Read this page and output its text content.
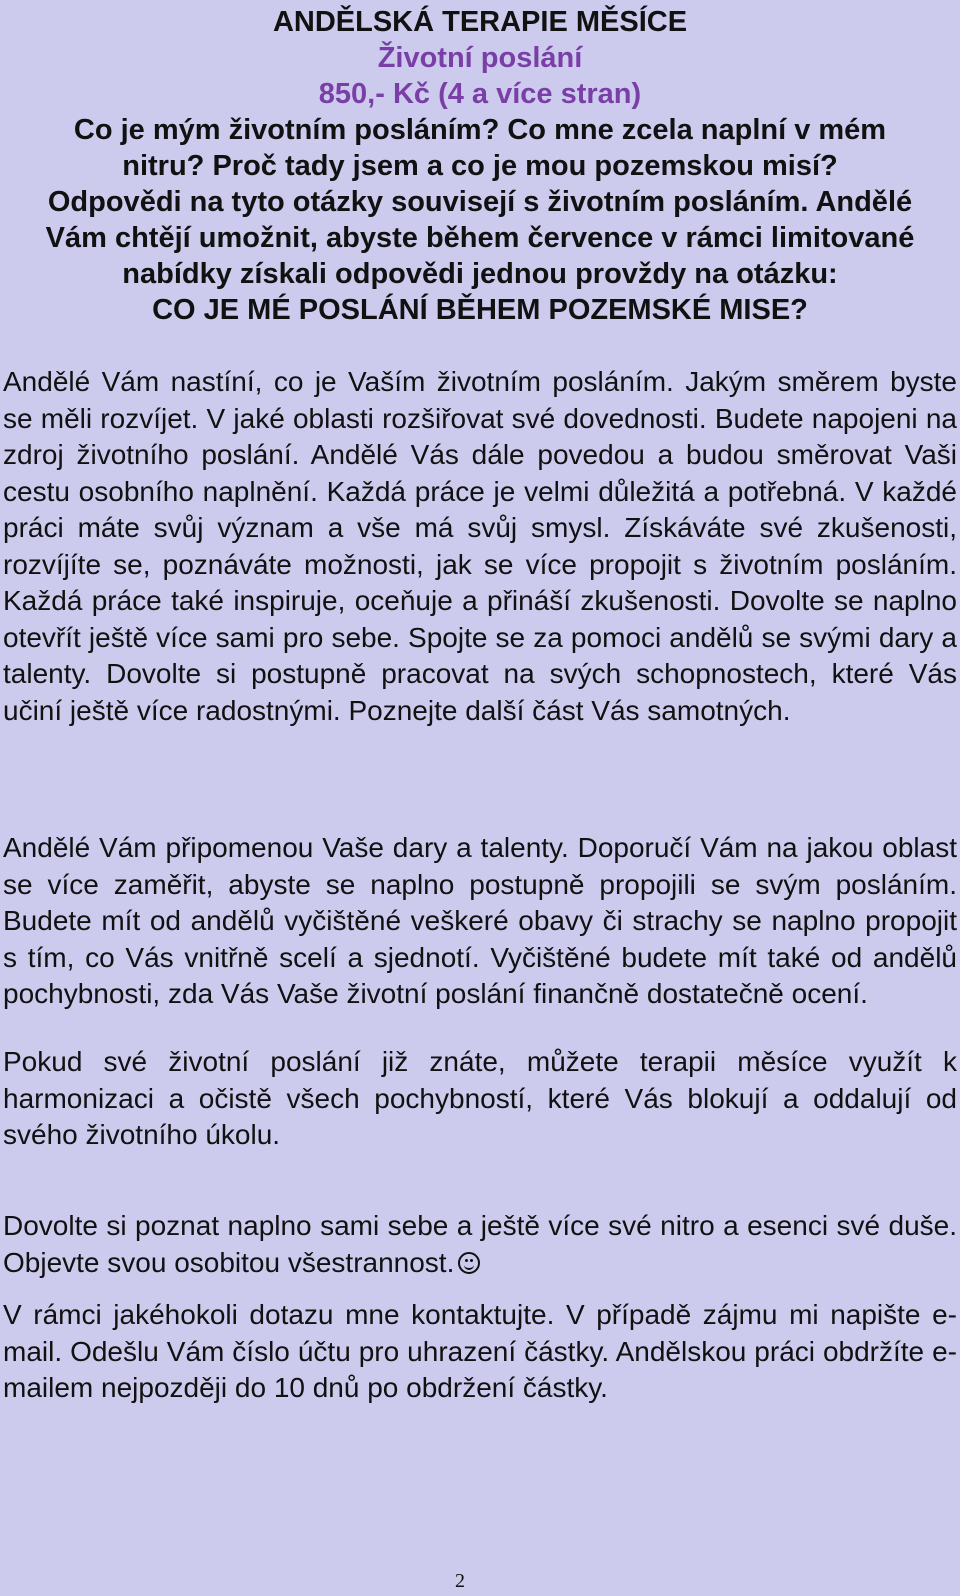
ANDĚLSKÁ TERAPIE MĚSÍCE
Životní poslání
850,- Kč (4 a více stran)
Co je mým životním posláním? Co mne zcela naplní v mém
nitru? Proč tady jsem a co je mou pozemskou misí?
Odpovědi na tyto otázky souvisejí s životním posláním. Andělé
Vám chtějí umožnit, abyste během července v rámci limitované
nabídky získali odpovědi jednou provždy na otázku:
CO JE MÉ POSLÁNÍ BĚHEM POZEMSKÉ MISE?

Andělé Vám nastíní, co je Vaším životním posláním. Jakým směrem byste se měli rozvíjet. V jaké oblasti rozšiřovat své dovednosti. Budete napojeni na zdroj životního poslání. Andělé Vás dále povedou a budou směrovat Vaši cestu osobního naplnění. Každá práce je velmi důležitá a potřebná. V každé práci máte svůj význam a vše má svůj smysl. Získáváte své zkušenosti, rozvíjíte se, poznáváte možnosti, jak se více propojit s životním posláním. Každá práce také inspiruje, oceňuje a přináší zkušenosti. Dovolte se naplno otevřít ještě více sami pro sebe. Spojte se za pomoci andělů se svými dary a talenty. Dovolte si postupně pracovat na svých schopnostech, které Vás učiní ještě více radostnými. Poznejte další část Vás samotných.

Andělé Vám připomenou Vaše dary a talenty. Doporučí Vám na jakou oblast se více zaměřit, abyste se naplno postupně propojili se svým posláním. Budete mít od andělů vyčištěné veškeré obavy či strachy se naplno propojit s tím, co Vás vnitřně scelí a sjednotí. Vyčištěné budete mít také od andělů pochybnosti, zda Vás Vaše životní poslání finančně dostatečně ocení.

Pokud své životní poslání již znáte, můžete terapii měsíce využít k harmonizaci a očistě všech pochybností, které Vás blokují a oddalují od svého životního úkolu.

Dovolte si poznat naplno sami sebe a ještě více své nitro a esenci své duše. Objevte svou osobitou všestrannost.

V rámci jakéhokoli dotazu mne kontaktujte. V případě zájmu mi napište e-mail. Odešlu Vám číslo účtu pro uhrazení částky. Andělskou práci obdržíte e-mailem nejpozději do 10 dnů po obdržení částky.

2
